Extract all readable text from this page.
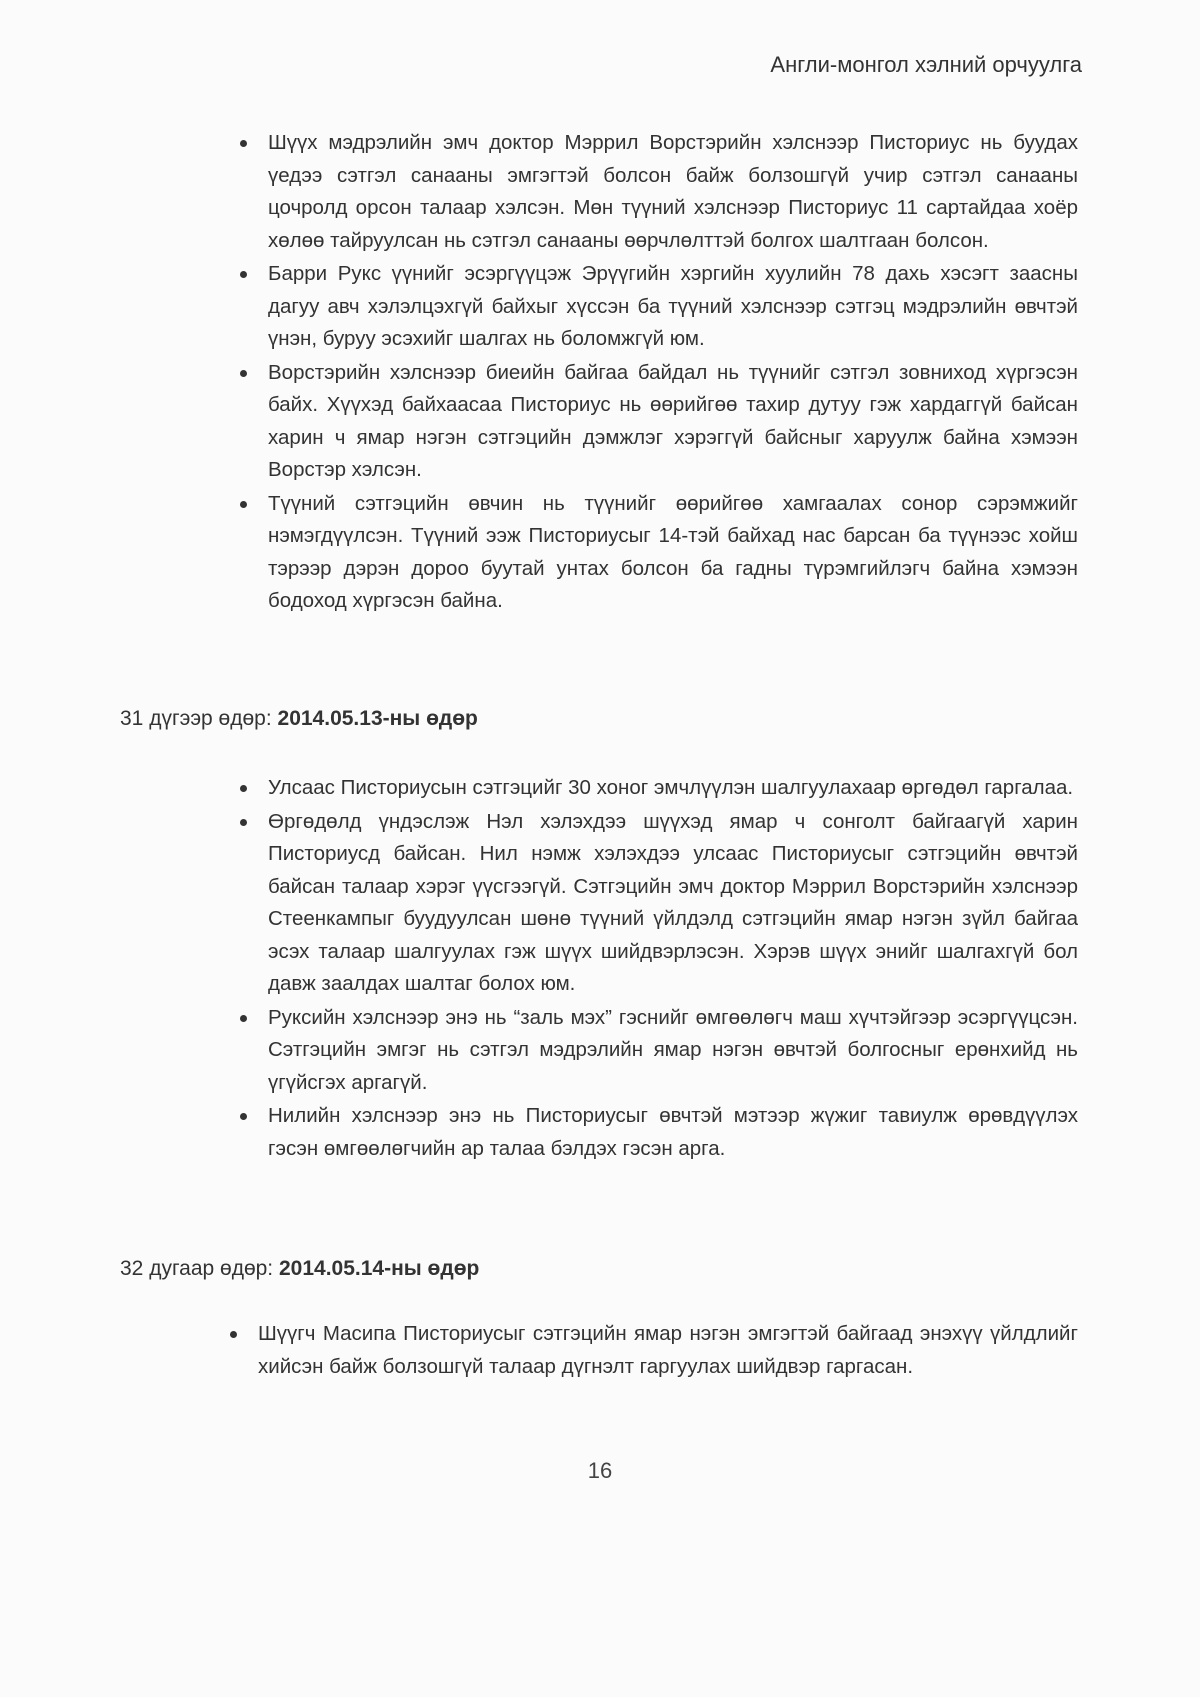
Англи-монгол хэлний орчуулга
Шүүх мэдрэлийн эмч доктор Мэррил Ворстэрийн хэлснээр Писториус нь буудах үедээ сэтгэл санааны эмгэгтэй болсон байж болзошгүй учир сэтгэл санааны цочролд орсон талаар хэлсэн. Мөн түүний хэлснээр Писториус 11 сартайдаа хоёр хөлөө тайруулсан нь сэтгэл санааны өөрчлөлттэй болгох шалтгаан болсон.
Барри Рукс үүнийг эсэргүүцэж Эрүүгийн хэргийн хуулийн 78 дахь хэсэгт заасны дагуу авч хэлэлцэхгүй байхыг хүссэн ба түүний хэлснээр сэтгэц мэдрэлийн өвчтэй үнэн, буруу эсэхийг шалгах нь боломжгүй юм.
Ворстэрийн хэлснээр биеийн байгаа байдал нь түүнийг сэтгэл зовниход хүргэсэн байх. Хүүхэд байхаасаа Писториус нь өөрийгөө тахир дутуу гэж хардаггүй байсан харин ч ямар нэгэн сэтгэцийн дэмжлэг хэрэггүй байсныг харуулж байна хэмээн Ворстэр хэлсэн.
Түүний сэтгэцийн өвчин нь түүнийг өөрийгөө хамгаалах сонор сэрэмжийг нэмэгдүүлсэн. Түүний ээж Писториусыг 14-тэй байхад нас барсан ба түүнээс хойш тэрээр дэрэн дороо буутай унтах болсон ба гадны түрэмгийлэгч байна хэмээн бодоход хүргэсэн байна.
31 дүгээр өдөр: 2014.05.13-ны өдөр
Улсаас Писториусын сэтгэцийг 30 хоног эмчлүүлэн шалгуулахаар өргөдөл гаргалаа.
Өргөдөлд үндэслэж Нэл хэлэхдээ шүүхэд ямар ч сонголт байгаагүй харин Писториусд байсан. Нил нэмж хэлэхдээ улсаас Писториусыг сэтгэцийн өвчтэй байсан талаар хэрэг үүсгээгүй. Сэтгэцийн эмч доктор Мэррил Ворстэрийн хэлснээр Стеенкампыг буудуулсан шөнө түүний үйлдэлд сэтгэцийн ямар нэгэн зүйл байгаа эсэх талаар шалгуулах гэж шүүх шийдвэрлэсэн. Хэрэв шүүх энийг шалгахгүй бол давж заалдах шалтаг болох юм.
Руксийн хэлснээр энэ нь “заль мэх” гэснийг өмгөөлөгч маш хүчтэйгээр эсэргүүцсэн. Сэтгэцийн эмгэг нь сэтгэл мэдрэлийн ямар нэгэн өвчтэй болгосныг ерөнхийд нь үгүйсгэх аргагүй.
Нилийн хэлснээр энэ нь Писториусыг өвчтэй мэтээр жүжиг тавиулж өрөвдүүлэх гэсэн өмгөөлөгчийн ар талаа бэлдэх гэсэн арга.
32 дугаар өдөр: 2014.05.14-ны өдөр
Шүүгч Масипа Писториусыг сэтгэцийн ямар нэгэн эмгэгтэй байгаад энэхүү үйлдлийг хийсэн байж болзошгүй талаар дүгнэлт гаргуулах шийдвэр гаргасан.
16
